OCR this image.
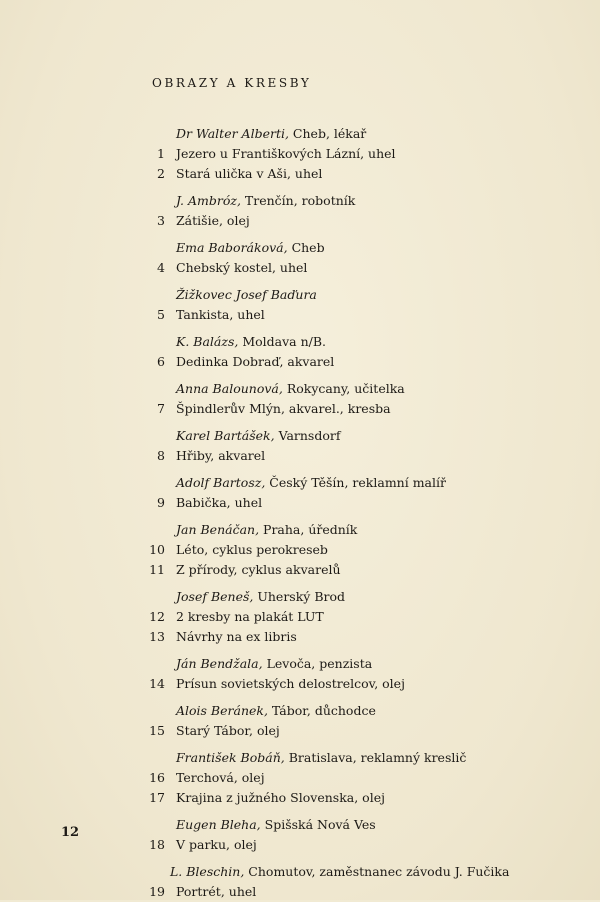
OBRAZY A KRESBY
Dr Walter Alberti, Cheb, lékař
1 Jezero u Františkových Lázní, uhel
2 Stará ulička v Aši, uhel
J. Ambróz, Trenčín, robotník
3 Zátišie, olej
Ema Baboráková, Cheb
4 Chebský kostel, uhel
Žižkovec Josef Baďura
5 Tankista, uhel
K. Balázs, Moldava n/B.
6 Dedinka Dobraď, akvarel
Anna Balounová, Rokycany, učitelka
7 Špindlerův Mlýn, akvarel., kresba
Karel Bartášek, Varnsdorf
8 Hřiby, akvarel
Adolf Bartosz, Český Těšín, reklamní malíř
9 Babička, uhel
Jan Benáčan, Praha, úředník
10 Léto, cyklus perokreseb
11 Z přírody, cyklus akvarelů
Josef Beneš, Uherský Brod
12 2 kresby na plakát LUT
13 Návrhy na ex libris
Ján Bendžala, Levoča, penzista
14 Prísun sovietských delostrelcov, olej
Alois Beránek, Tábor, důchodce
15 Starý Tábor, olej
František Bobáň, Bratislava, reklamný kreslič
16 Terchová, olej
17 Krajina z južného Slovenska, olej
Eugen Bleha, Spišská Nová Ves
18 V parku, olej
L. Bleschin, Chomutov, zaměstnanec závodu J. Fučika
19 Portrét, uhel
12
